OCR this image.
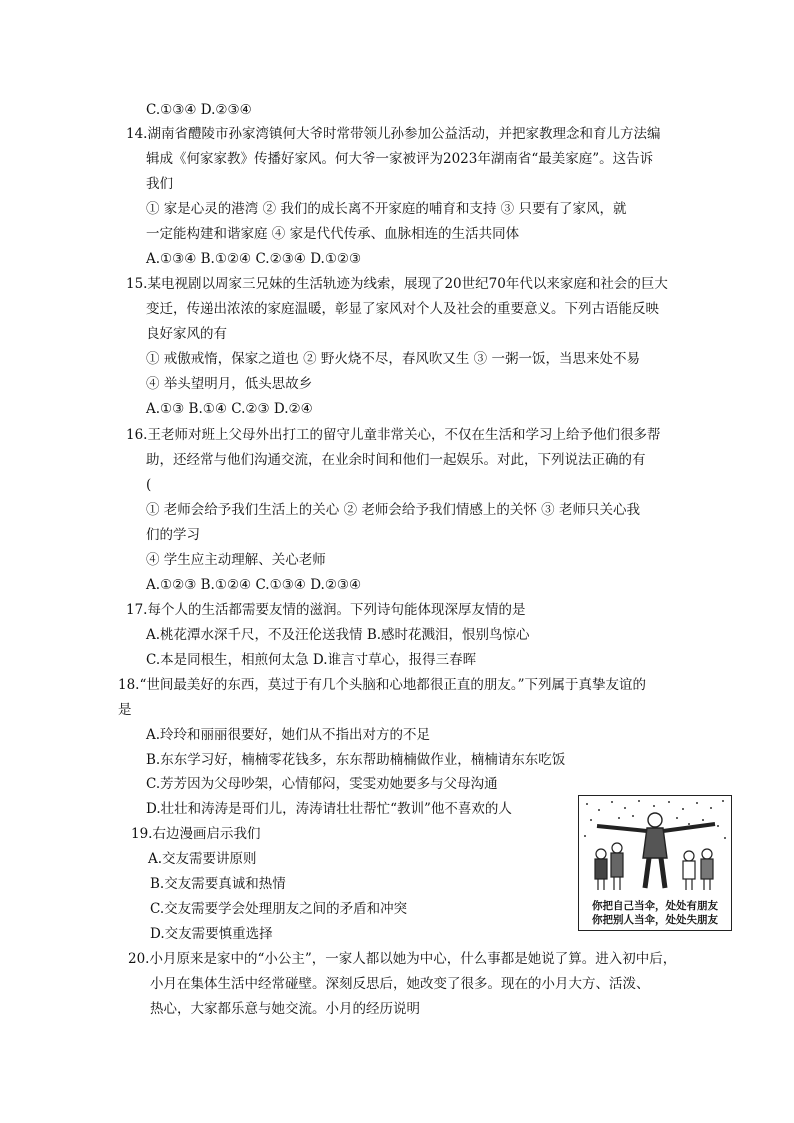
C.①③④ D.②③④
14.湖南省醴陵市孙家湾镇何大爷时常带领儿孙参加公益活动，并把家教理念和育儿方法编
辑成《何家家教》传播好家风。何大爷一家被评为2023年湖南省“最美家庭”。这告诉
我们
① 家是心灵的港湾 ② 我们的成长离不开家庭的哺育和支持 ③ 只要有了家风，就
一定能构建和谐家庭 ④ 家是代代传承、血脉相连的生活共同体
A.①③④ B.①②④ C.②③④ D.①②③
15.某电视剧以周家三兄妹的生活轨迹为线索，展现了20世纪70年代以来家庭和社会的巨大
变迁，传递出浓浓的家庭温暖，彰显了家风对个人及社会的重要意义。下列古语能反映
良好家风的有
① 戒傲戒惰，保家之道也 ② 野火烧不尽，春风吹又生 ③ 一粥一饭，当思来处不易
④ 举头望明月，低头思故乡
A.①③ B.①④ C.②③ D.②④
16.王老师对班上父母外出打工的留守儿童非常关心，不仅在生活和学习上给予他们很多帮
助，还经常与他们沟通交流，在业余时间和他们一起娱乐。对此，下列说法正确的有
(
① 老师会给予我们生活上的关心 ② 老师会给予我们情感上的关怀 ③ 老师只关心我
们的学习
④ 学生应主动理解、关心老师
A.①②③ B.①②④ C.①③④ D.②③④
17.每个人的生活都需要友情的滋润。下列诗句能体现深厚友情的是
A.桃花潭水深千尺，不及汪伦送我情 B.感时花溅泪，恨别鸟惊心
C.本是同根生，相煎何太急 D.谁言寸草心，报得三春晖
18.“世间最美好的东西，莫过于有几个头脑和心地都很正直的朋友。”下列属于真挚友谊的
是
A.玲玲和丽丽很要好，她们从不指出对方的不足
B.东东学习好，楠楠零花钱多，东东帮助楠楠做作业，楠楠请东东吃饭
C.芳芳因为父母吵架，心情郁闷，雯雯劝她要多与父母沟通
D.壮壮和涛涛是哥们儿，涛涛请壮壮帮忙“教训”他不喜欢的人
19.右边漫画启示我们
A.交友需要讲原则
B.交友需要真诚和热情
C.交友需要学会处理朋友之间的矛盾和冲突
D.交友需要慎重选择
20.小月原来是家中的“小公主”，一家人都以她为中心，什么事都是她说了算。进入初中后，
小月在集体生活中经常碰壁。深刻反思后，她改变了很多。现在的小月大方、活泼、
热心，大家都乐意与她交流。小月的经历说明
你把自己当伞，处处有朋友
你把别人当伞，处处失朋友
